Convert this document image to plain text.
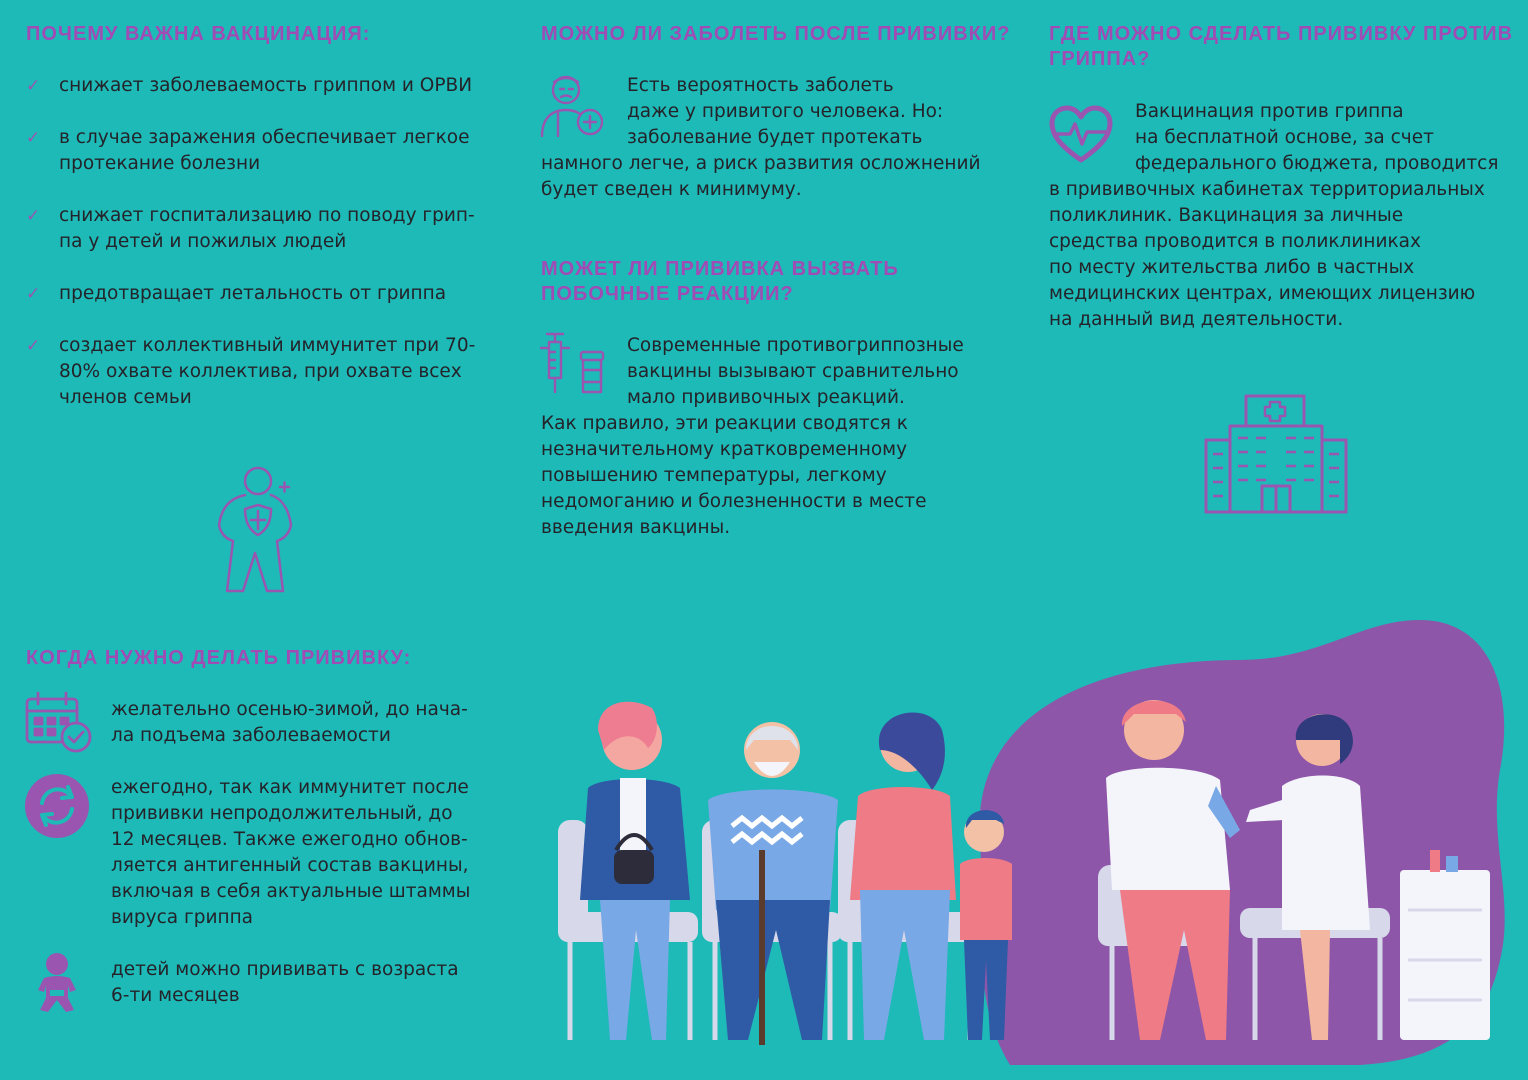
ПОЧЕМУ ВАЖНА ВАКЦИНАЦИЯ:
✓ снижает заболеваемость гриппом и ОРВИ
✓ в случае заражения обеспечивает легкое
протекание болезни
✓ снижает госпитализацию по поводу грип-
па у детей и пожилых людей
✓ предотвращает летальность от гриппа
✓ создает коллективный иммунитет при 70-
80% охвате коллектива, при охвате всех
членов семьи
КОГДА НУЖНО ДЕЛАТЬ ПРИВИВКУ:
желательно осенью-зимой, до нача-
ла подъема заболеваемости
ежегодно, так как иммунитет после
прививки непродолжительный, до
12 месяцев. Также ежегодно обнов-
ляется антигенный состав вакцины,
включая в себя актуальные штаммы
вируса гриппа
детей можно прививать с возраста
6-ти месяцев
МОЖНО ЛИ ЗАБОЛЕТЬ ПОСЛЕ ПРИВИВКИ?
Есть вероятность заболеть
даже у привитого человека. Но:
заболевание будет протекать
намного легче, а риск развития осложнений
будет сведен к минимуму.
МОЖЕТ ЛИ ПРИВИВКА ВЫЗВАТЬ
ПОБОЧНЫЕ РЕАКЦИИ?
Современные противогриппозные
вакцины вызывают сравнительно
мало прививочных реакций.
Как правило, эти реакции сводятся к
незначительному кратковременному
повышению температуры, легкому
недомоганию и болезненности в месте
введения вакцины.
ГДЕ МОЖНО СДЕЛАТЬ ПРИВИВКУ ПРОТИВ
ГРИППА?
Вакцинация против гриппа
на бесплатной основе, за счет
федерального бюджета, проводится
в прививочных кабинетах территориальных
поликлиник. Вакцинация за личные
средства проводится в поликлиниках
по месту жительства либо в частных
медицинских центрах, имеющих лицензию
на данный вид деятельности.
